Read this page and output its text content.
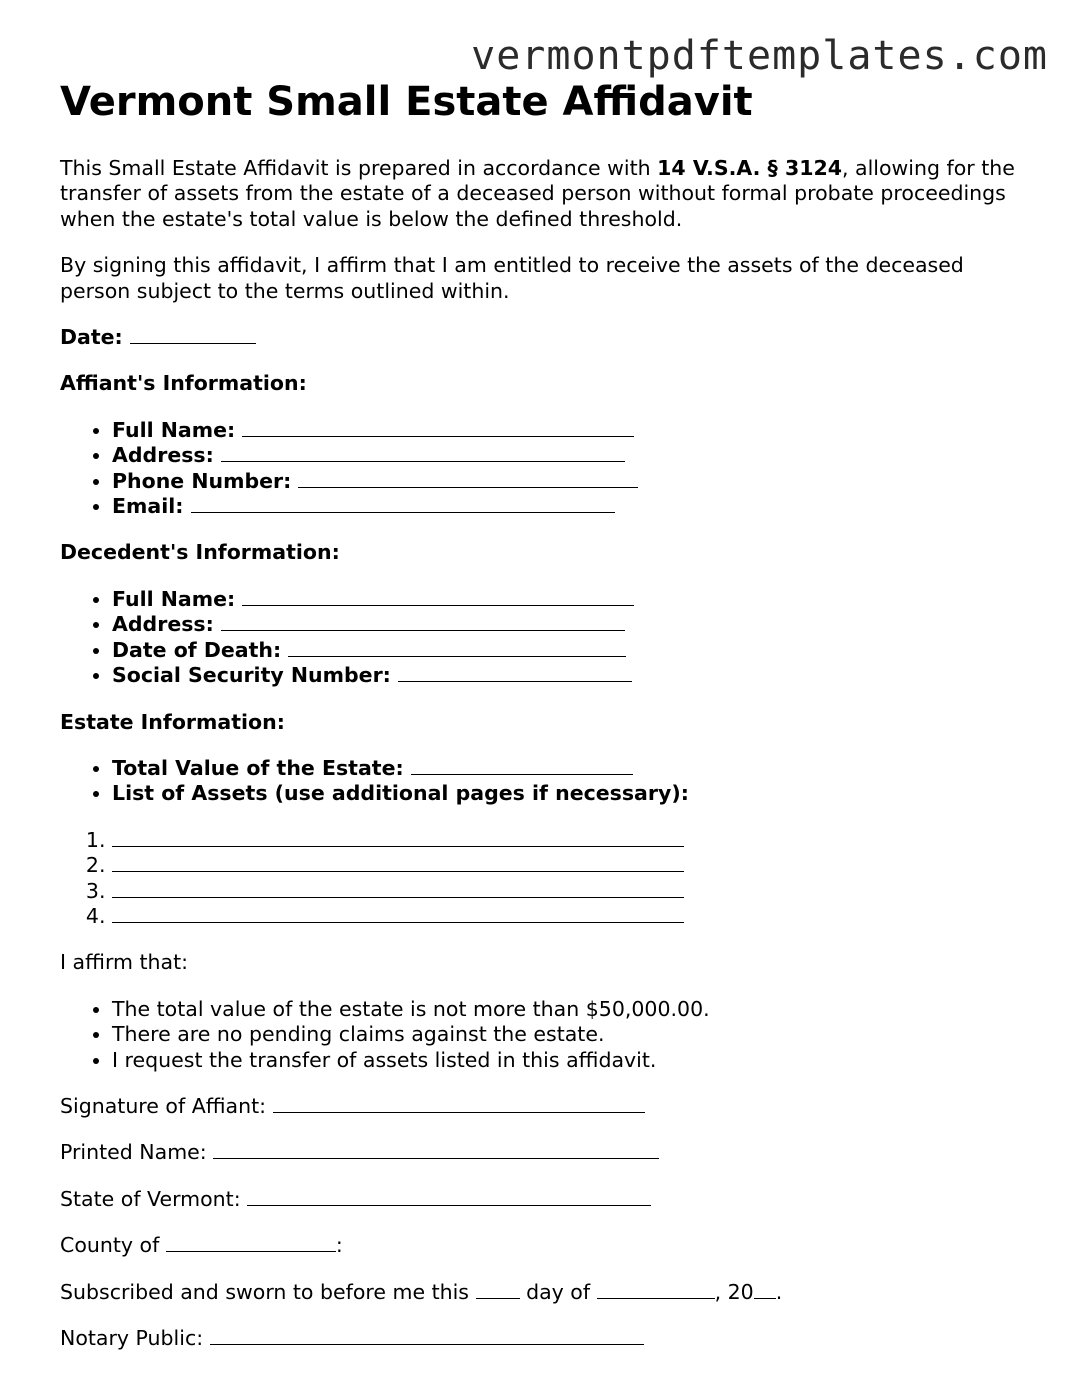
vermontpdftemplates.com
Vermont Small Estate Affidavit

This Small Estate Affidavit is prepared in accordance with 14 V.S.A. § 3124, allowing for the transfer of assets from the estate of a deceased person without formal probate proceedings when the estate's total value is below the defined threshold.

By signing this affidavit, I affirm that I am entitled to receive the assets of the deceased person subject to the terms outlined within.

Date:

Affiant's Information:

• Full Name:
• Address:
• Phone Number:
• Email:

Decedent's Information:

• Full Name:
• Address:
• Date of Death:
• Social Security Number:

Estate Information:

• Total Value of the Estate:
• List of Assets (use additional pages if necessary):
1.
2.
3.
4.

I affirm that:

• The total value of the estate is not more than $50,000.00.
• There are no pending claims against the estate.
• I request the transfer of assets listed in this affidavit.

Signature of Affiant:

Printed Name:

State of Vermont:

County of	:

Subscribed and sworn to before me this	day of	, 20 .

Notary Public:
